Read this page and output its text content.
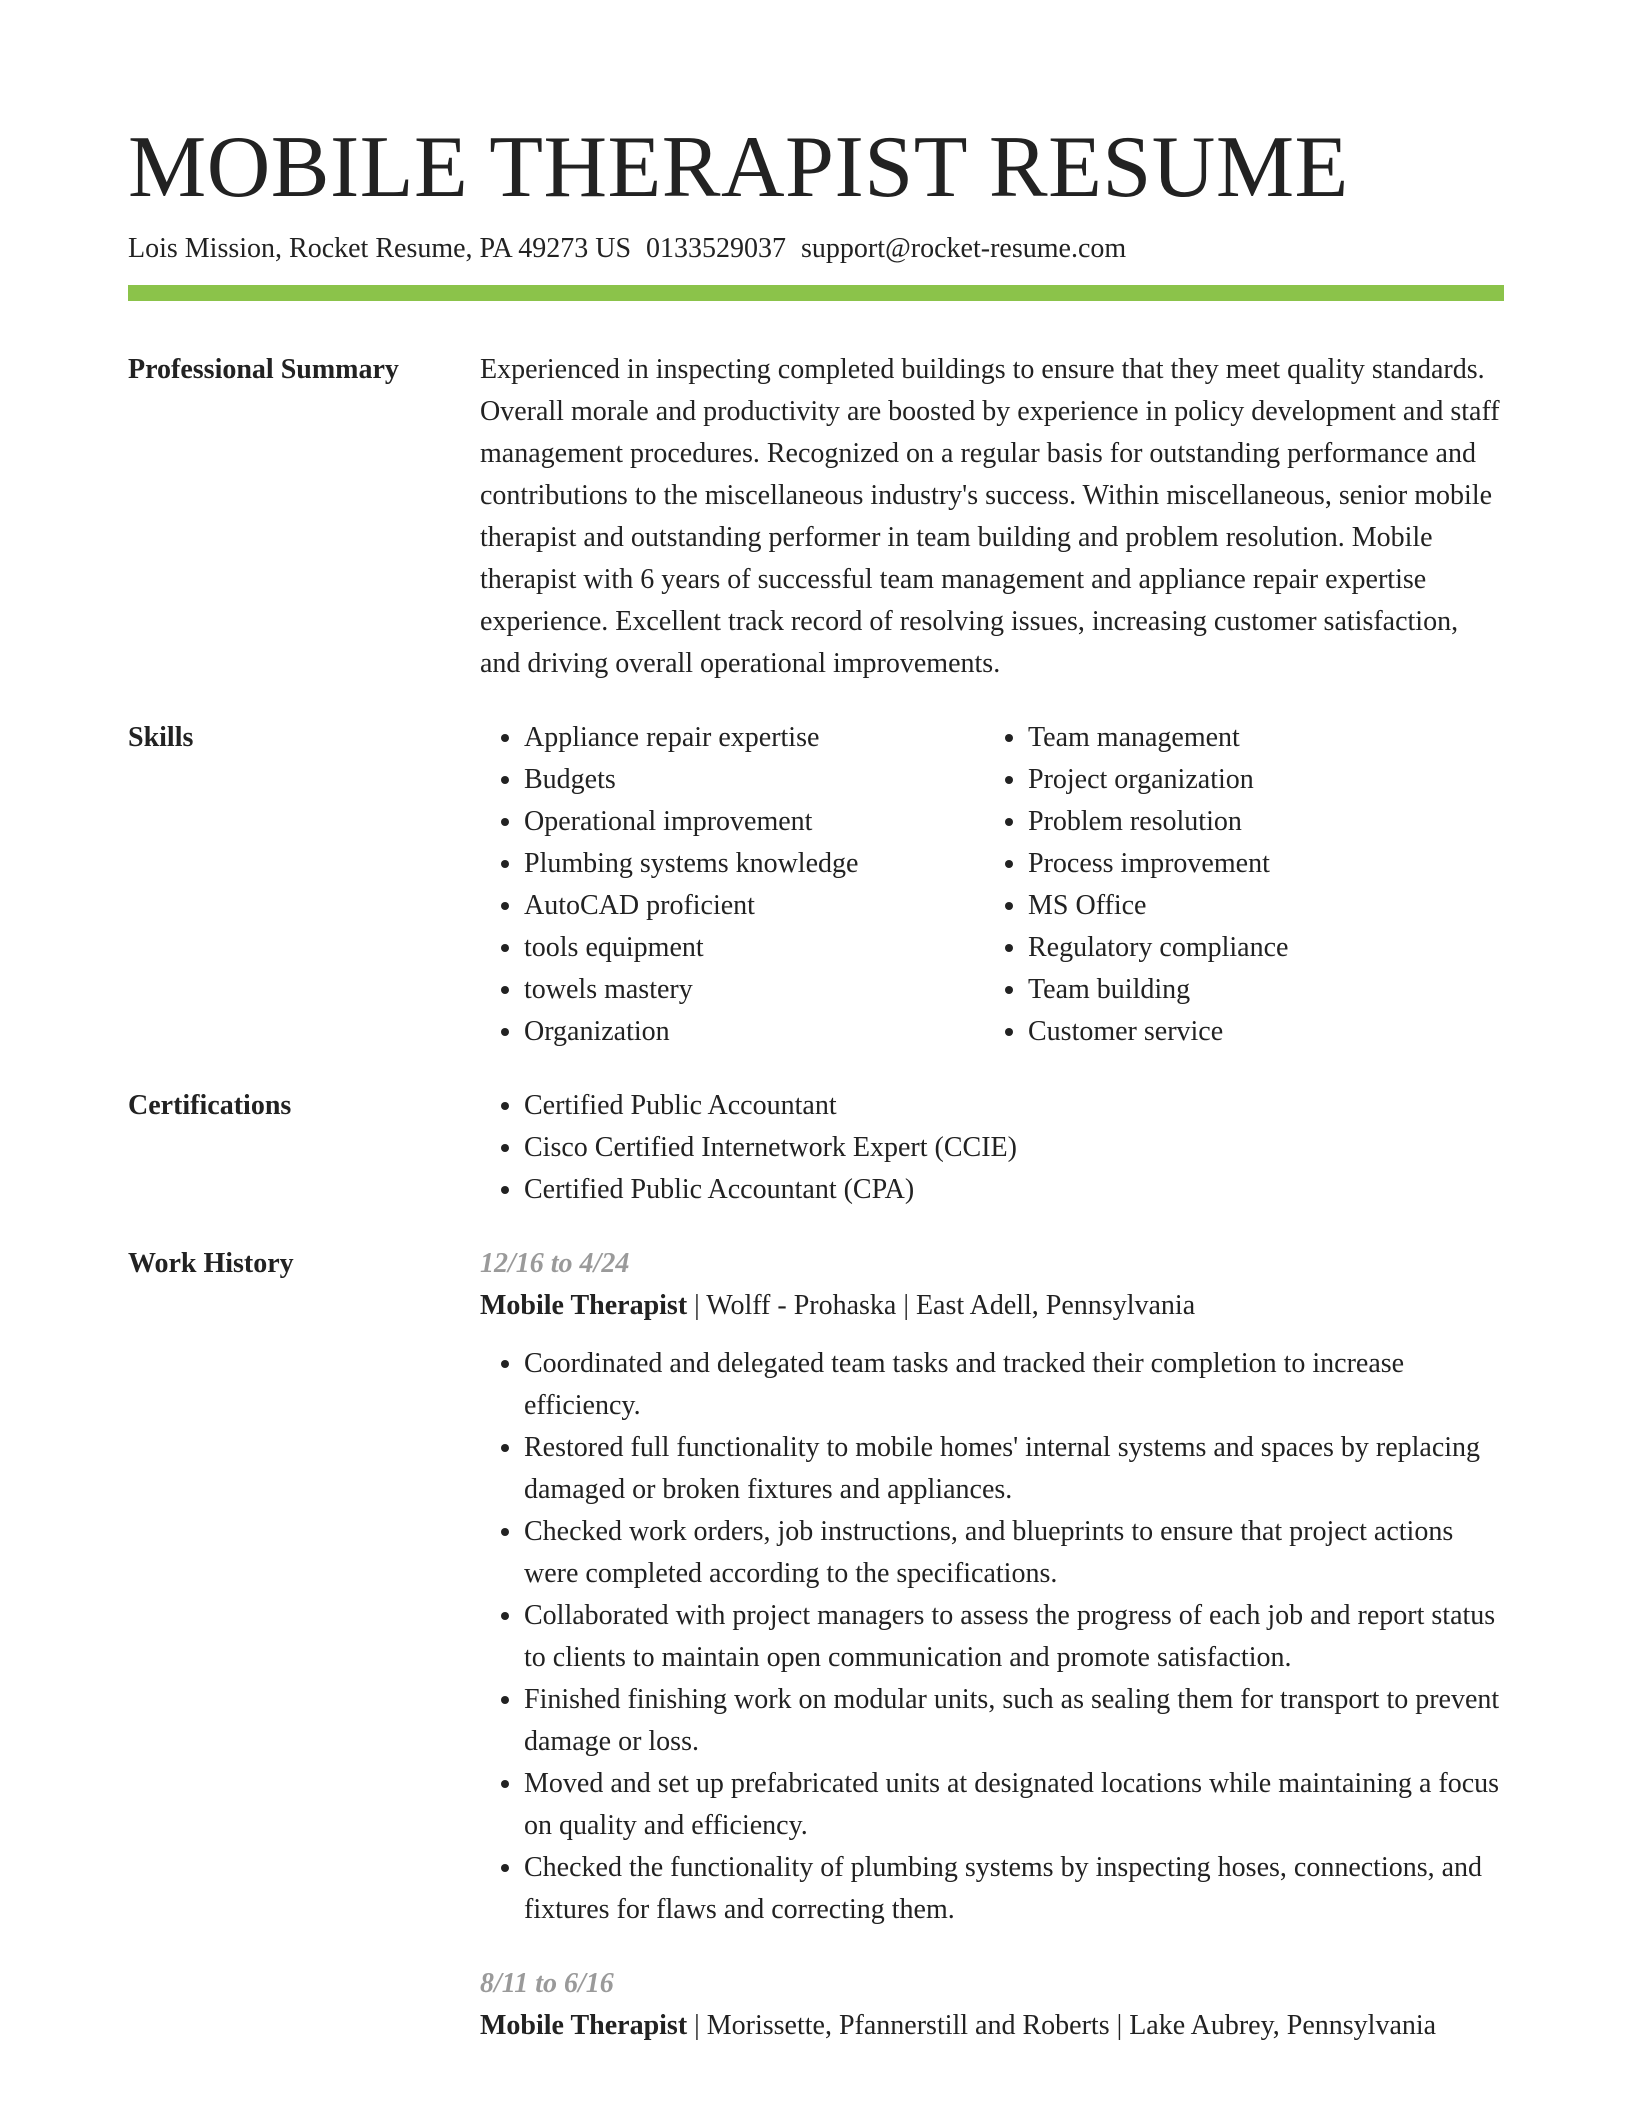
MOBILE THERAPIST RESUME
Lois Mission, Rocket Resume, PA 49273 US 0133529037 support@rocket-resume.com
Professional Summary	Experienced in inspecting completed buildings to ensure that they meet quality standards. Overall morale and productivity are boosted by experience in policy development and staff management procedures. Recognized on a regular basis for outstanding performance and contributions to the miscellaneous industry's success. Within miscellaneous, senior mobile therapist and outstanding performer in team building and problem resolution. Mobile therapist with 6 years of successful team management and appliance repair expertise experience. Excellent track record of resolving issues, increasing customer satisfaction, and driving overall operational improvements.

Skills	• Appliance repair expertise
• Budgets
• Operational improvement
• Plumbing systems knowledge
• AutoCAD proficient
• tools equipment
• towels mastery
• Organization
• Team management
• Project organization
• Problem resolution
• Process improvement
• MS Office
• Regulatory compliance
• Team building
• Customer service
Certifications	• Certified Public Accountant
• Cisco Certified Internetwork Expert (CCIE)
• Certified Public Accountant (CPA)
Work History	12/16 to 4/24
Mobile Therapist | Wolff - Prohaska | East Adell, Pennsylvania
• Coordinated and delegated team tasks and tracked their completion to increase efficiency.
• Restored full functionality to mobile homes' internal systems and spaces by replacing damaged or broken fixtures and appliances.
• Checked work orders, job instructions, and blueprints to ensure that project actions were completed according to the specifications.
• Collaborated with project managers to assess the progress of each job and report status to clients to maintain open communication and promote satisfaction.
• Finished finishing work on modular units, such as sealing them for transport to prevent damage or loss.
• Moved and set up prefabricated units at designated locations while maintaining a focus on quality and efficiency.
• Checked the functionality of plumbing systems by inspecting hoses, connections, and fixtures for flaws and correcting them.
8/11 to 6/16
Mobile Therapist | Morissette, Pfannerstill and Roberts | Lake Aubrey, Pennsylvania
